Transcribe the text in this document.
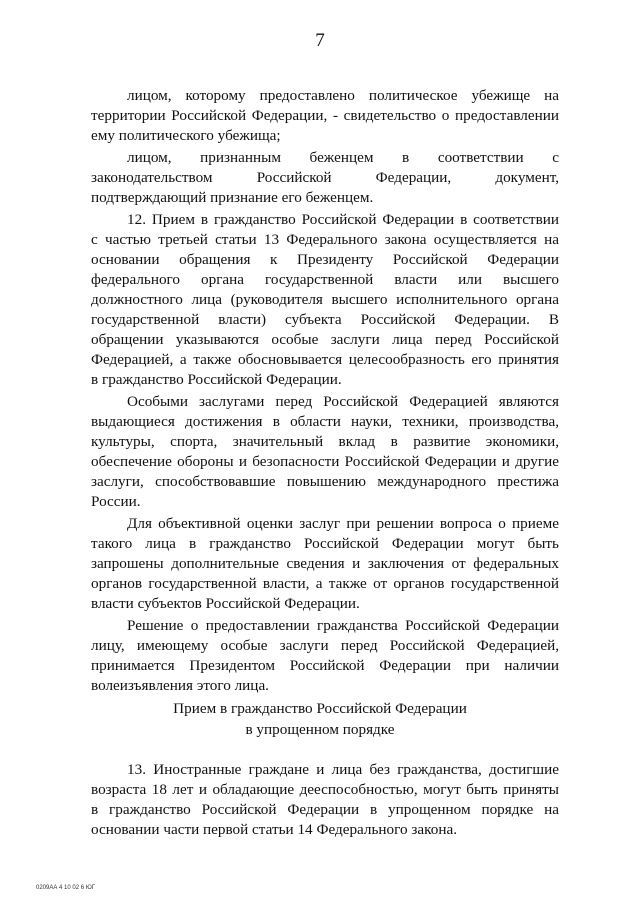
7
лицом, которому предоставлено политическое убежище на
территории Российской Федерации, - свидетельство о предоставлении
ему политического убежища;
лицом, признанным беженцем в соответствии с
законодательством Российской Федерации, документ,
подтверждающий признание его беженцем.
12. Прием в гражданство Российской Федерации в соответствии
с частью третьей статьи 13 Федерального закона осуществляется на
основании обращения к Президенту Российской Федерации
федерального органа государственной власти или высшего
должностного лица (руководителя высшего исполнительного органа
государственной власти) субъекта Российской Федерации. В
обращении указываются особые заслуги лица перед Российской
Федерацией, а также обосновывается целесообразность его принятия
в гражданство Российской Федерации.
Особыми заслугами перед Российской Федерацией являются
выдающиеся достижения в области науки, техники, производства,
культуры, спорта, значительный вклад в развитие экономики,
обеспечение обороны и безопасности Российской Федерации и другие
заслуги, способствовавшие повышению международного престижа
России.
Для объективной оценки заслуг при решении вопроса о приеме
такого лица в гражданство Российской Федерации могут быть
запрошены дополнительные сведения и заключения от федеральных
органов государственной власти, а также от органов государственной
власти субъектов Российской Федерации.
Решение о предоставлении гражданства Российской Федерации
лицу, имеющему особые заслуги перед Российской Федерацией,
принимается Президентом Российской Федерации при наличии
волеизъявления этого лица.
Прием в гражданство Российской Федерации
в упрощенном порядке
13. Иностранные граждане и лица без гражданства, достигшие
возраста 18 лет и обладающие дееспособностью, могут быть приняты
в гражданство Российской Федерации в упрощенном порядке на
основании части первой статьи 14 Федерального закона.
0209АА 4 10 02 6 ЮГ
